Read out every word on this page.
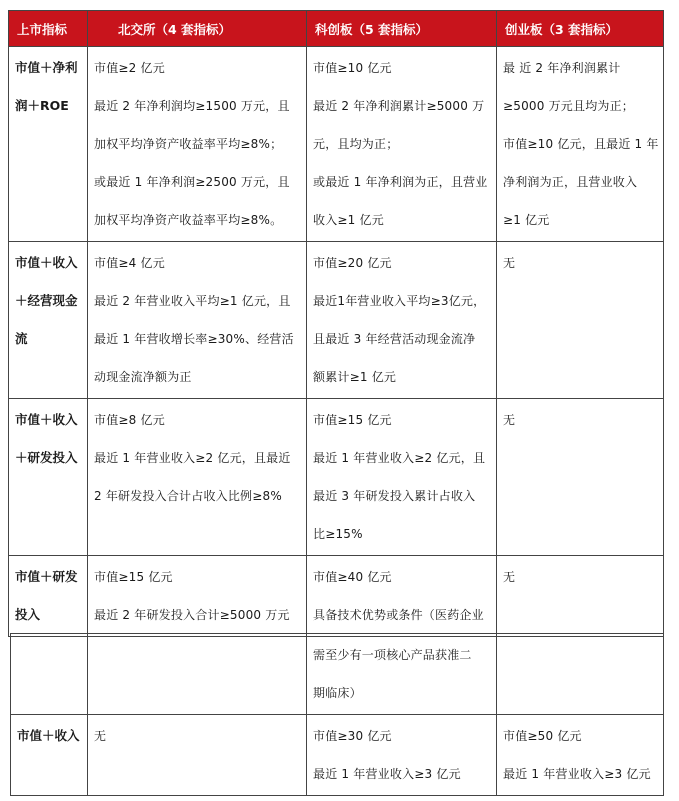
上市指标	北交所（4 套指标）	科创板（5 套指标）	创业板（3 套指标）

市值＋净利
润＋ROE	市值≥2 亿元
最近 2 年净利润均≥1500 万元，且
加权平均净资产收益率平均≥8%；
或最近 1 年净利润≥2500 万元，且
加权平均净资产收益率平均≥8%。	市值≥10 亿元
最近 2 年净利润累计≥5000 万
元，且均为正；
或最近 1 年净利润为正，且营业
收入≥1 亿元	最 近 2 年净利润累计
≥5000 万元且均为正；
市值≥10 亿元，且最近 1 年
净利润为正，且营业收入
≥1 亿元

市值＋收入
＋经营现金
流	市值≥4 亿元
最近 2 年营业收入平均≥1 亿元，且
最近 1 年营收增长率≥30%、经营活
动现金流净额为正	市值≥20 亿元
最近1年营业收入平均≥3亿元，
且最近 3 年经营活动现金流净
额累计≥1 亿元	无

市值＋收入
＋研发投入	市值≥8 亿元
最近 1 年营业收入≥2 亿元，且最近
2 年研发投入合计占收入比例≥8%	市值≥15 亿元
最近 1 年营业收入≥2 亿元，且
最近 3 年研发投入累计占收入
比≥15%	无

市值＋研发
投入	市值≥15 亿元
最近 2 年研发投入合计≥5000 万元	市值≥40 亿元
具备技术优势或条件（医药企业	无

		需至少有一项核心产品获准二
期临床）	

市值＋收入	无	市值≥30 亿元
最近 1 年营业收入≥3 亿元	市值≥50 亿元
最近 1 年营业收入≥3 亿元
